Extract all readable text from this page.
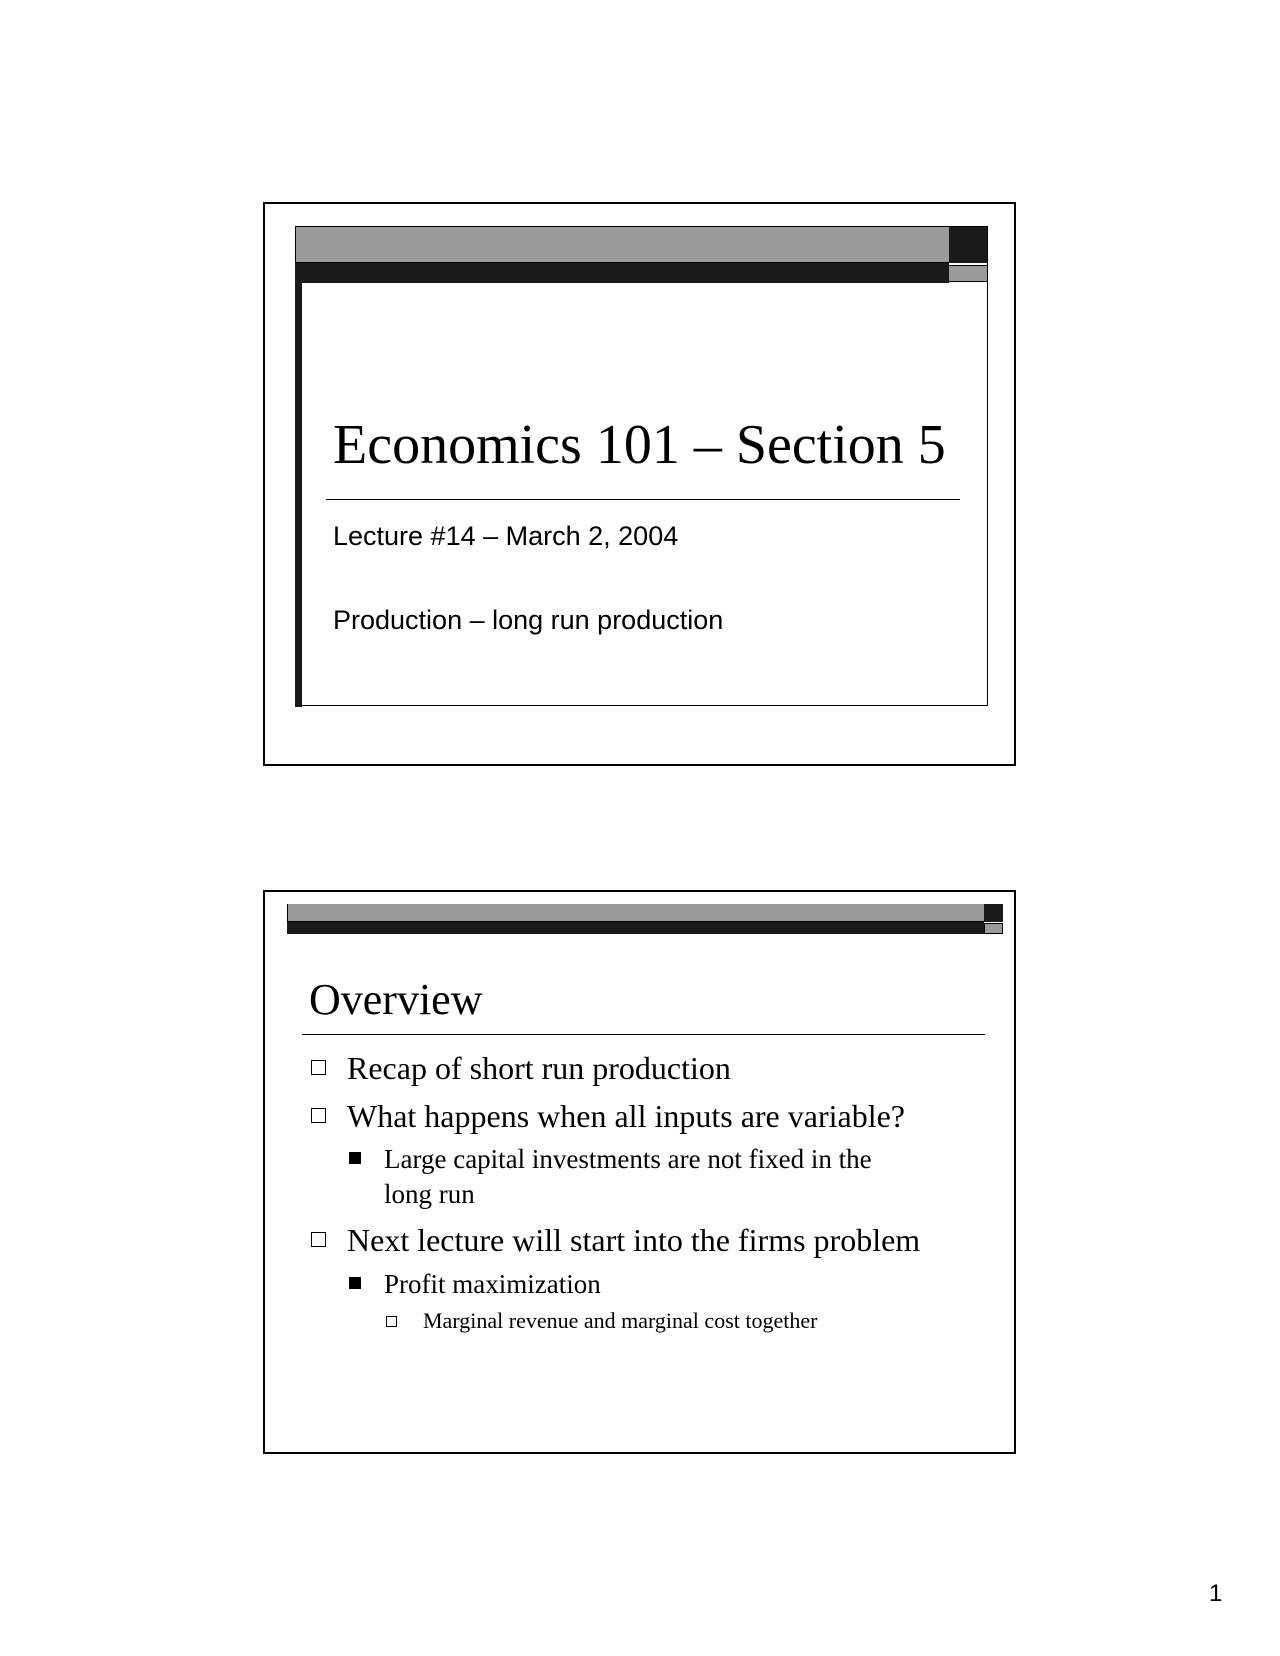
Economics 101 – Section 5
Lecture #14 – March 2, 2004
Production – long run production
Overview
Recap of short run production
What happens when all inputs are variable?
Large capital investments are not fixed in the
long run
Next lecture will start into the firms problem
Profit maximization
Marginal revenue and marginal cost together
1
